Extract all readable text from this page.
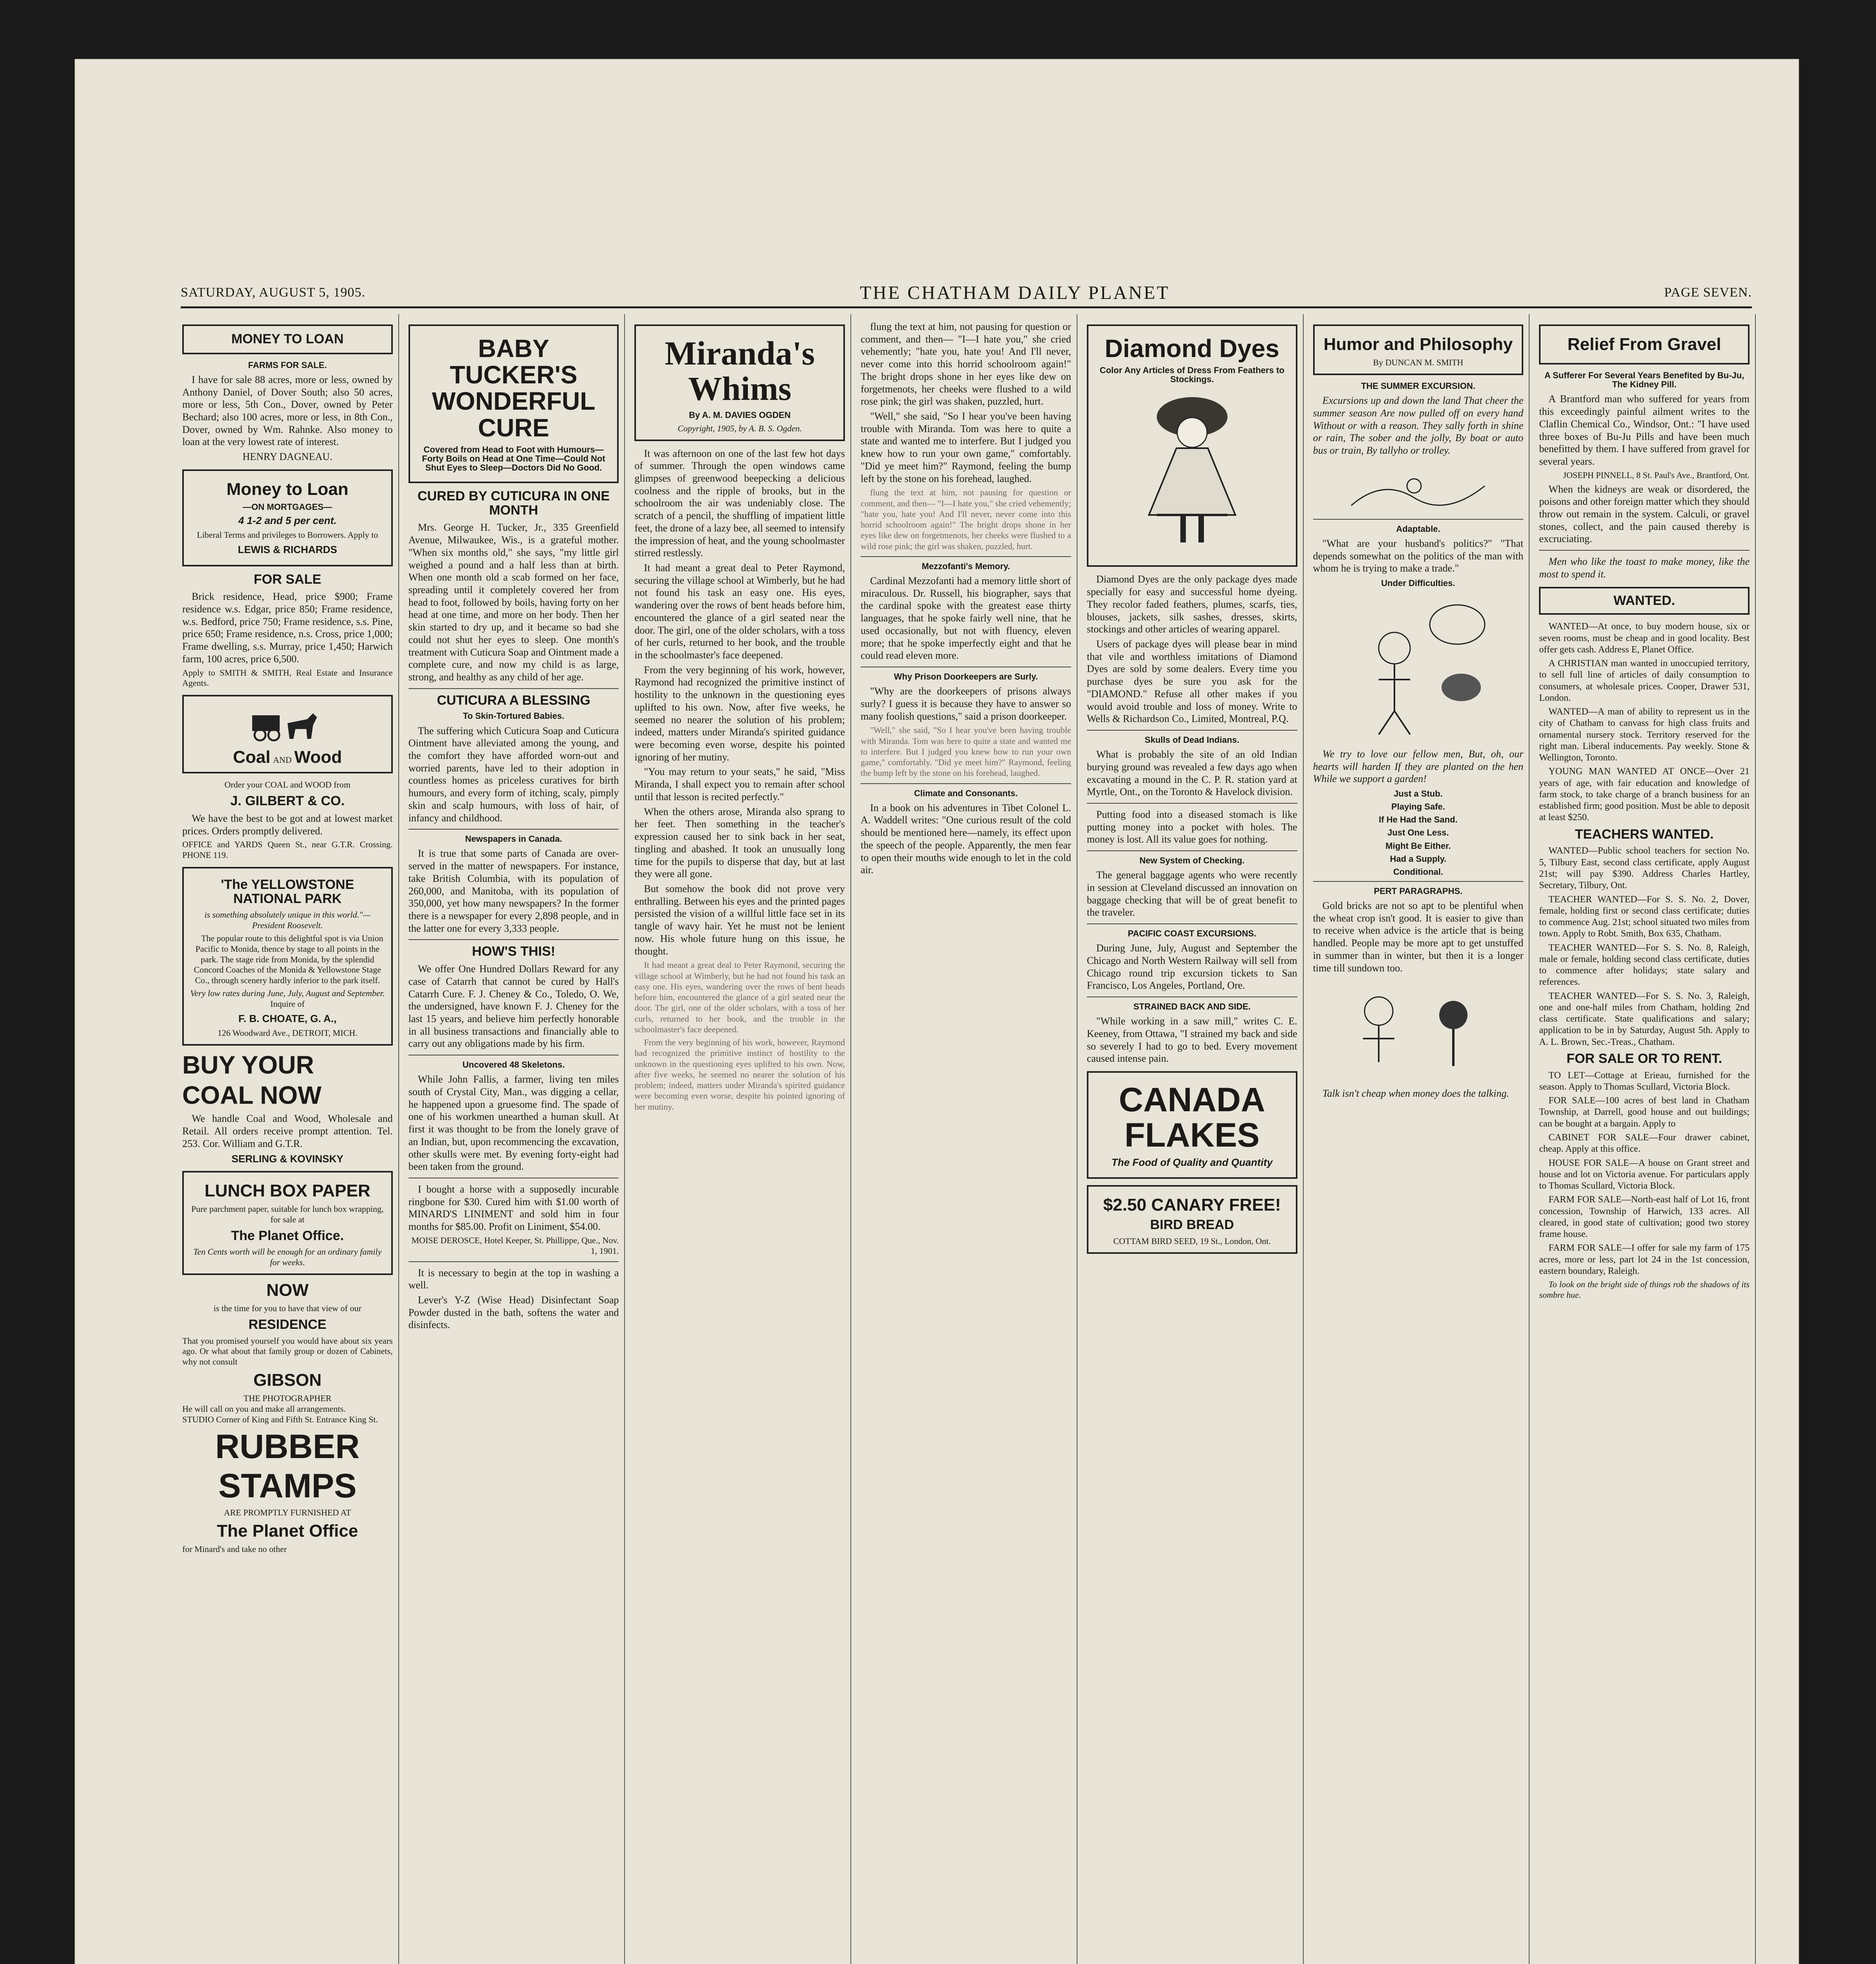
SATURDAY, AUGUST 5, 1905.	THE CHATHAM DAILY PLANET	PAGE SEVEN.
MONEY TO LOAN
FARMS FOR SALE.

I have for sale 88 acres, more or less, owned by Anthony Daniel, of Dover South; also 50 acres, more or less, 5th Con., Dover, owned by Peter Bechard; also 100 acres, more or less, in 8th Con., Dover, owned by Wm. Rahnke. Also money to loan at the very lowest rate of interest.

HENRY DAGNEAU.
Money to Loan
—ON MORTGAGES—
4 1-2 and 5 per cent.
Liberal Terms and privileges to Borrowers. Apply to
LEWIS & RICHARDS
FOR SALE

Brick residence, Head, price $900; Frame residence w.s. Edgar, price 850; Frame residence, w.s. Bedford, price 750; Frame residence, s.s. Pine, price 650; Frame residence, n.s. Cross, price 1,000; Frame dwelling, s.s. Murray, price 1,450; Harwich farm, 100 acres, price 6,500.

Apply to SMITH & SMITH, Real Estate and Insurance Agents.
Coal AND Wood
Order your COAL and WOOD from
J. GILBERT & CO.

We have the best to be got and at lowest market prices. Orders promptly delivered.

OFFICE and YARDS Queen St., near G.T.R. Crossing. PHONE 119.
'The YELLOWSTONE NATIONAL PARK
is something absolutely unique in this world."— President Roosevelt.

The popular route to this delightful spot is via Union Pacific to Monida, thence by stage to all points in the park. The stage ride from Monida, by the splendid Concord Coaches of the Monida & Yellowstone Stage Co., through scenery hardly inferior to the park itself.

Very low rates during June, July, August and September.
Inquire of
F. B. CHOATE, G. A.,
126 Woodward Ave., DETROIT, MICH.
BUY YOUR
COAL NOW

We handle Coal and Wood, Wholesale and Retail. All orders receive prompt attention. Tel. 253. Cor. William and G.T.R.

SERLING & KOVINSKY
LUNCH BOX PAPER
Pure parchment paper, suitable for lunch box wrapping, for sale at
The Planet Office.
Ten Cents worth will be enough for an ordinary family for weeks.
NOW
is the time for you to have that view of our
RESIDENCE
That you promised yourself you would have about six years ago. Or what about that family group or dozen of Cabinets, why not consult
GIBSON
THE PHOTOGRAPHER
He will call on you and make all arrangements.
STUDIO Corner of King and Fifth St. Entrance King St.
RUBBER
STAMPS
ARE PROMPTLY FURNISHED AT
The Planet Office
for Minard's and take no other
BABY TUCKER'S WONDERFUL CURE
Covered from Head to Foot with Humours—Forty Boils on Head at One Time—Could Not Shut Eyes to Sleep—Doctors Did No Good.
CURED BY CUTICURA IN ONE MONTH

Mrs. George H. Tucker, Jr., 335 Greenfield Avenue, Milwaukee, Wis., is a grateful mother. "When six months old," she says, "my little girl weighed a pound and a half less than at birth. When one month old a scab formed on her face, spreading until it completely covered her from head to foot, followed by boils, having forty on her head at one time, and more on her body. Then her skin started to dry up, and it became so bad she could not shut her eyes to sleep. One month's treatment with Cuticura Soap and Ointment made a complete cure, and now my child is as large, strong, and healthy as any child of her age.

CUTICURA A BLESSING
To Skin-Tortured Babies.

The suffering which Cuticura Soap and Cuticura Ointment have alleviated among the young, and the comfort they have afforded worn-out and worried parents, have led to their adoption in countless homes as priceless curatives for birth humours, and every form of itching, scaly, pimply skin and scalp humours, with loss of hair, of infancy and childhood.

Newspapers in Canada.

It is true that some parts of Canada are over-served in the matter of newspapers. For instance, take British Columbia, with its population of 260,000, and Manitoba, with its population of 350,000, yet how many newspapers? In the former there is a newspaper for every 2,898 people, and in the latter one for every 3,333 people.

HOW'S THIS!

We offer One Hundred Dollars Reward for any case of Catarrh that cannot be cured by Hall's Catarrh Cure. F. J. Cheney & Co., Toledo, O. We, the undersigned, have known F. J. Cheney for the last 15 years, and believe him perfectly honorable in all business transactions and financially able to carry out any obligations made by his firm.

Uncovered 48 Skeletons.

While John Fallis, a farmer, living ten miles south of Crystal City, Man., was digging a cellar, he happened upon a gruesome find. The spade of one of his workmen unearthed a human skull. At first it was thought to be from the lonely grave of an Indian, but, upon recommencing the excavation, other skulls were met. By evening forty-eight had been taken from the ground.

I bought a horse with a supposedly incurable ringbone for $30. Cured him with $1.00 worth of MINARD'S LINIMENT and sold him in four months for $85.00. Profit on Liniment, $54.00.

MOISE DEROSCE, Hotel Keeper, St. Phillippe, Que., Nov. 1, 1901.

It is necessary to begin at the top in washing a well.

Lever's Y-Z (Wise Head) Disinfectant Soap Powder dusted in the bath, softens the water and disinfects.

Miranda's Whims
By A. M. DAVIES OGDEN
Copyright, 1905, by A. B. S. Ogden.

It was afternoon on one of the last few hot days of summer. Through the open windows came glimpses of greenwood beepecking a delicious coolness and the ripple of brooks, but in the schoolroom the air was undeniably close. The scratch of a pencil, the shuffling of impatient little feet, the drone of a lazy bee, all seemed to intensify the impression of heat, and the young schoolmaster stirred restlessly.

It had meant a great deal to Peter Raymond, securing the village school at Wimberly, but he had not found his task an easy one. His eyes, wandering over the rows of bent heads before him, encountered the glance of a girl seated near the door. The girl, one of the older scholars, with a toss of her curls, returned to her book, and the trouble in the schoolmaster's face deepened.

From the very beginning of his work, however, Raymond had recognized the primitive instinct of hostility to the unknown in the questioning eyes uplifted to his own. Now, after five weeks, he seemed no nearer the solution of his problem; indeed, matters under Miranda's spirited guidance were becoming even worse, despite his pointed ignoring of her mutiny.

"You may return to your seats," he said, "Miss Miranda, I shall expect you to remain after school until that lesson is recited perfectly."

When the others arose, Miranda also sprang to her feet. Then something in the teacher's expression caused her to sink back in her seat, tingling and abashed. It took an unusually long time for the pupils to disperse that day, but at last they were all gone.

But somehow the book did not prove very enthralling. Between his eyes and the printed pages persisted the vision of a willful little face set in its tangle of wavy hair. Yet he must not be lenient now. His whole future hung on this issue, he thought.

It had meant a great deal to Peter Raymond, securing the village school at Wimberly, but he had not found his task an easy one. His eyes, wandering over the rows of bent heads before him, encountered the glance of a girl seated near the door. The girl, one of the older scholars, with a toss of her curls, returned to her book, and the trouble in the schoolmaster's face deepened.

From the very beginning of his work, however, Raymond had recognized the primitive instinct of hostility to the unknown in the questioning eyes uplifted to his own. Now, after five weeks, he seemed no nearer the solution of his problem; indeed, matters under Miranda's spirited guidance were becoming even worse, despite his pointed ignoring of her mutiny.

flung the text at him, not pausing for question or comment, and then— "I—I hate you," she cried vehemently; "hate you, hate you! And I'll never, never come into this horrid schoolroom again!" The bright drops shone in her eyes like dew on forgetmenots, her cheeks were flushed to a wild rose pink; the girl was shaken, puzzled, hurt.

"Well," she said, "So I hear you've been having trouble with Miranda. Tom was here to quite a state and wanted me to interfere. But I judged you knew how to run your own game," comfortably. "Did ye meet him?" Raymond, feeling the bump left by the stone on his forehead, laughed.

flung the text at him, not pausing for question or comment, and then— "I—I hate you," she cried vehemently; "hate you, hate you! And I'll never, never come into this horrid schoolroom again!" The bright drops shone in her eyes like dew on forgetmenots, her cheeks were flushed to a wild rose pink; the girl was shaken, puzzled, hurt.

Mezzofanti's Memory.

Cardinal Mezzofanti had a memory little short of miraculous. Dr. Russell, his biographer, says that the cardinal spoke with the greatest ease thirty languages, that he spoke fairly well nine, that he used occasionally, but not with fluency, eleven more; that he spoke imperfectly eight and that he could read eleven more.

Why Prison Doorkeepers are Surly.

"Why are the doorkeepers of prisons always surly? I guess it is because they have to answer so many foolish questions," said a prison doorkeeper.

"Well," she said, "So I hear you've been having trouble with Miranda. Tom was here to quite a state and wanted me to interfere. But I judged you knew how to run your own game," comfortably. "Did ye meet him?" Raymond, feeling the bump left by the stone on his forehead, laughed.

Climate and Consonants.

In a book on his adventures in Tibet Colonel L. A. Waddell writes: "One curious result of the cold should be mentioned here—namely, its effect upon the speech of the people. Apparently, the men fear to open their mouths wide enough to let in the cold air.

Diamond Dyes
Color Any Articles of Dress From Feathers to Stockings.

Diamond Dyes are the only package dyes made specially for easy and successful home dyeing. They recolor faded feathers, plumes, scarfs, ties, blouses, jackets, silk sashes, dresses, skirts, stockings and other articles of wearing apparel.

Users of package dyes will please bear in mind that vile and worthless imitations of Diamond Dyes are sold by some dealers. Every time you purchase dyes be sure you ask for the "DIAMOND." Refuse all other makes if you would avoid trouble and loss of money. Write to Wells & Richardson Co., Limited, Montreal, P.Q.

Skulls of Dead Indians.

What is probably the site of an old Indian burying ground was revealed a few days ago when excavating a mound in the C. P. R. station yard at Myrtle, Ont., on the Toronto & Havelock division.

Putting food into a diseased stomach is like putting money into a pocket with holes. The money is lost. All its value goes for nothing.

New System of Checking.

The general baggage agents who were recently in session at Cleveland discussed an innovation on baggage checking that will be of great benefit to the traveler.

PACIFIC COAST EXCURSIONS.

During June, July, August and September the Chicago and North Western Railway will sell from Chicago round trip excursion tickets to San Francisco, Los Angeles, Portland, Ore.

STRAINED BACK AND SIDE.

"While working in a saw mill," writes C. E. Keeney, from Ottawa, "I strained my back and side so severely I had to go to bed. Every movement caused intense pain.

CANADA FLAKES
The Food of Quality and Quantity
$2.50 CANARY FREE!
BIRD BREAD
COTTAM BIRD SEED, 19 St., London, Ont.
Humor and Philosophy
By DUNCAN M. SMITH
THE SUMMER EXCURSION.

Excursions up and down the land That cheer the summer season Are now pulled off on every hand Without or with a reason. They sally forth in shine or rain, The sober and the jolly, By boat or auto bus or train, By tallyho or trolley.

Adaptable.

"What are your husband's politics?" "That depends somewhat on the politics of the man with whom he is trying to make a trade."

Under Difficulties.

We try to love our fellow men, But, oh, our hearts will harden If they are planted on the hen While we support a garden!

Just a Stub.
Playing Safe.
If He Had the Sand.
Just One Less.
Might Be Either.
Had a Supply.
Conditional.
PERT PARAGRAPHS.

Gold bricks are not so apt to be plentiful when the wheat crop isn't good. It is easier to give than to receive when advice is the article that is being handled. People may be more apt to get unstuffed in summer than in winter, but then it is a longer time till sundown too.

Talk isn't cheap when money does the talking.

Relief From Gravel
A Sufferer For Several Years Benefited by Bu-Ju, The Kidney Pill.

A Brantford man who suffered for years from this exceedingly painful ailment writes to the Claflin Chemical Co., Windsor, Ont.: "I have used three boxes of Bu-Ju Pills and have been much benefitted by them. I have suffered from gravel for several years.

JOSEPH PINNELL, 8 St. Paul's Ave., Brantford, Ont.

When the kidneys are weak or disordered, the poisons and other foreign matter which they should throw out remain in the system. Calculi, or gravel stones, collect, and the pain caused thereby is excruciating.

Men who like the toast to make money, like the most to spend it.

WANTED.

WANTED—At once, to buy modern house, six or seven rooms, must be cheap and in good locality. Best offer gets cash. Address E, Planet Office.

A CHRISTIAN man wanted in unoccupied territory, to sell full line of articles of daily consumption to consumers, at wholesale prices. Cooper, Drawer 531, London.

WANTED—A man of ability to represent us in the city of Chatham to canvass for high class fruits and ornamental nursery stock. Territory reserved for the right man. Liberal inducements. Pay weekly. Stone & Wellington, Toronto.

YOUNG MAN WANTED AT ONCE—Over 21 years of age, with fair education and knowledge of farm stock, to take charge of a branch business for an established firm; good position. Must be able to deposit at least $250.

TEACHERS WANTED.

WANTED—Public school teachers for section No. 5, Tilbury East, second class certificate, apply August 21st; will pay $390. Address Charles Hartley, Secretary, Tilbury, Ont.

TEACHER WANTED—For S. S. No. 2, Dover, female, holding first or second class certificate; duties to commence Aug. 21st; school situated two miles from town. Apply to Robt. Smith, Box 635, Chatham.

TEACHER WANTED—For S. S. No. 8, Raleigh, male or female, holding second class certificate, duties to commence after holidays; state salary and references.

TEACHER WANTED—For S. S. No. 3, Raleigh, one and one-half miles from Chatham, holding 2nd class certificate. State qualifications and salary; application to be in by Saturday, August 5th. Apply to A. L. Brown, Sec.-Treas., Chatham.

FOR SALE OR TO RENT.

TO LET—Cottage at Erieau, furnished for the season. Apply to Thomas Scullard, Victoria Block.

FOR SALE—100 acres of best land in Chatham Township, at Darrell, good house and out buildings; can be bought at a bargain. Apply to

CABINET FOR SALE—Four drawer cabinet, cheap. Apply at this office.

HOUSE FOR SALE—A house on Grant street and house and lot on Victoria avenue. For particulars apply to Thomas Scullard, Victoria Block.

FARM FOR SALE—North-east half of Lot 16, front concession, Township of Harwich, 133 acres. All cleared, in good state of cultivation; good two storey frame house.

FARM FOR SALE—I offer for sale my farm of 175 acres, more or less, part lot 24 in the 1st concession, eastern boundary, Raleigh.

To look on the bright side of things rob the shadows of its sombre hue.
